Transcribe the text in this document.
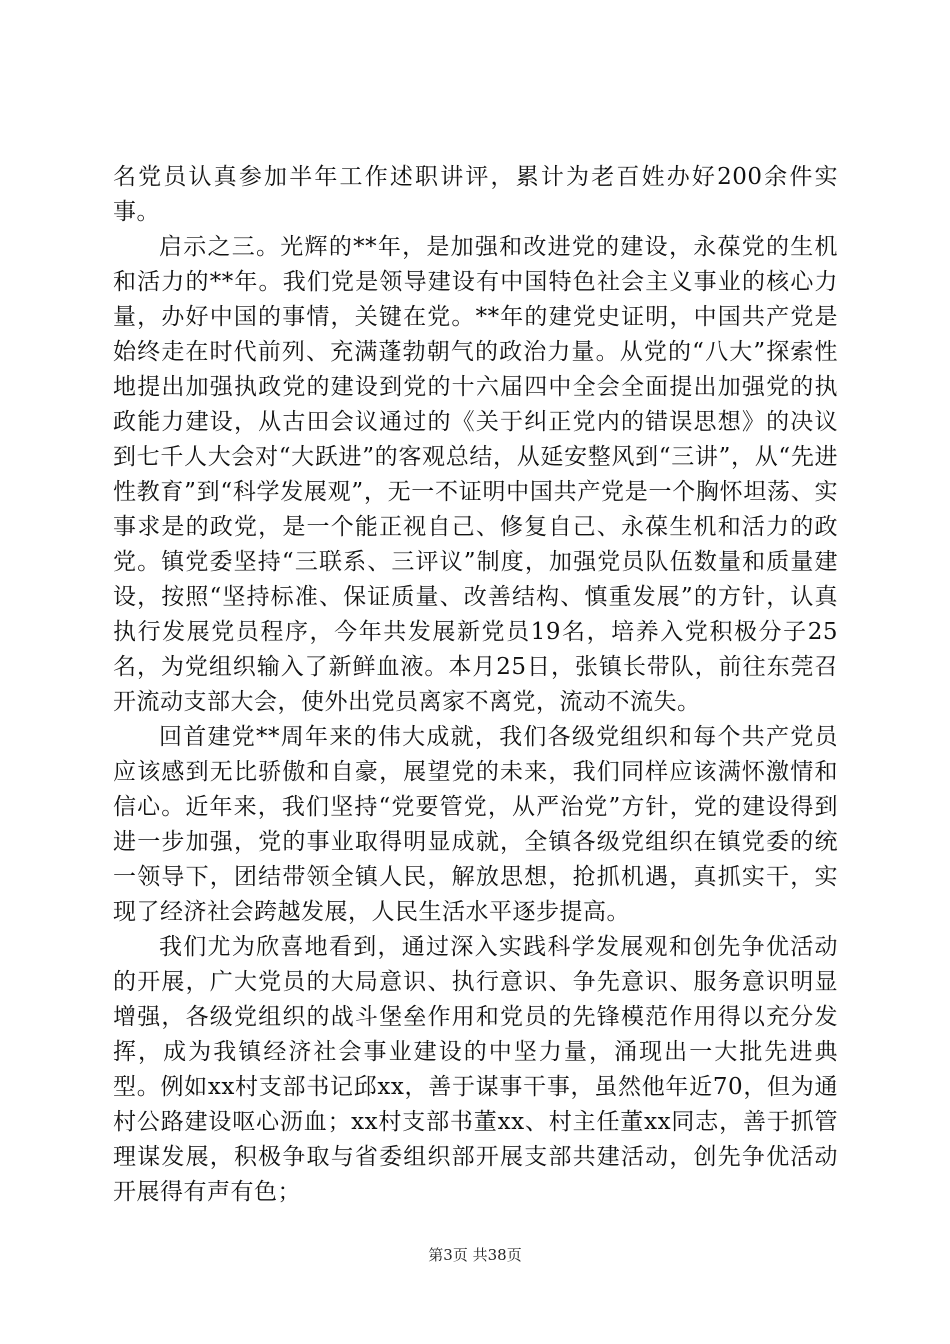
名党员认真参加半年工作述职讲评，累计为老百姓办好200余件实事。

启示之三。光辉的**年，是加强和改进党的建设，永葆党的生机和活力的**年。我们党是领导建设有中国特色社会主义事业的核心力量，办好中国的事情，关键在党。**年的建党史证明，中国共产党是始终走在时代前列、充满蓬勃朝气的政治力量。从党的“八大”探索性地提出加强执政党的建设到党的十六届四中全会全面提出加强党的执政能力建设，从古田会议通过的《关于纠正党内的错误思想》的决议到七千人大会对“大跃进”的客观总结，从延安整风到“三讲”，从“先进性教育”到“科学发展观”，无一不证明中国共产党是一个胸怀坦荡、实事求是的政党，是一个能正视自己、修复自己、永葆生机和活力的政党。镇党委坚持“三联系、三评议”制度，加强党员队伍数量和质量建设，按照“坚持标准、保证质量、改善结构、慎重发展”的方针，认真执行发展党员程序，今年共发展新党员19名，培养入党积极分子25名，为党组织输入了新鲜血液。本月25日，张镇长带队，前往东莞召开流动支部大会，使外出党员离家不离党，流动不流失。

回首建党**周年来的伟大成就，我们各级党组织和每个共产党员应该感到无比骄傲和自豪，展望党的未来，我们同样应该满怀激情和信心。近年来，我们坚持“党要管党，从严治党”方针，党的建设得到进一步加强，党的事业取得明显成就，全镇各级党组织在镇党委的统一领导下，团结带领全镇人民，解放思想，抢抓机遇，真抓实干，实现了经济社会跨越发展，人民生活水平逐步提高。

我们尤为欣喜地看到，通过深入实践科学发展观和创先争优活动的开展，广大党员的大局意识、执行意识、争先意识、服务意识明显增强，各级党组织的战斗堡垒作用和党员的先锋模范作用得以充分发挥，成为我镇经济社会事业建设的中坚力量，涌现出一大批先进典型。例如xx村支部书记邱xx，善于谋事干事，虽然他年近70，但为通村公路建设呕心沥血；xx村支部书董xx、村主任董xx同志，善于抓管理谋发展，积极争取与省委组织部开展支部共建活动，创先争优活动开展得有声有色；

第3页 共38页
